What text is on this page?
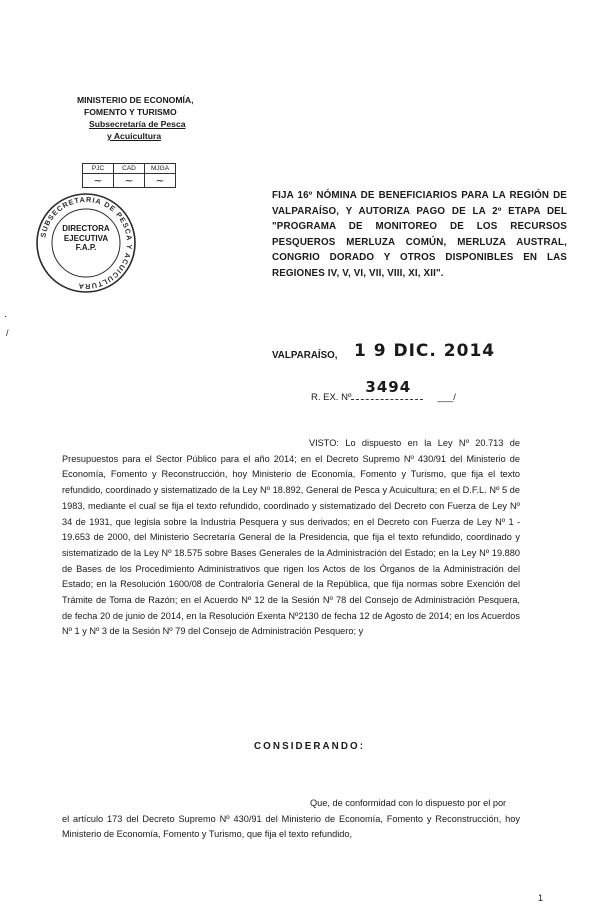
MINISTERIO DE ECONOMÍA,
FOMENTO Y TURISMO
Subsecretaría de Pesca
y Acuicultura
PJC	CAD	MJGA
~	~	~
SUBSECRETARIA DE PESCA Y ACUICULTURA
DIRECTORA
EJECUTIVA
F.A.P.
⋅
/
FIJA 16º NÓMINA DE BENEFICIARIOS PARA LA REGIÓN DE VALPARAÍSO, Y AUTORIZA PAGO DE LA 2º ETAPA DEL "PROGRAMA DE MONITOREO DE LOS RECURSOS PESQUEROS MERLUZA COMÚN, MERLUZA AUSTRAL, CONGRIO DORADO Y OTROS DISPONIBLES EN LAS REGIONES IV, V, VI, VII, VIII, XI, XII".
VALPARAÍSO, 1 9 DIC. 2014
R. EX. Nº
3494
___/

VISTO: Lo dispuesto en la Ley Nº 20.713 de Presupuestos para el Sector Público para el año 2014; en el Decreto Supremo Nº 430/91 del Ministerio de Economía, Fomento y Reconstrucción, hoy Ministerio de Economía, Fomento y Turismo, que fija el texto refundido, coordinado y sistematizado de la Ley Nº 18.892, General de Pesca y Acuicultura; en el D.F.L. Nº 5 de 1983, mediante el cual se fija el texto refundido, coordinado y sistematizado del Decreto con Fuerza de Ley Nº 34 de 1931, que legisla sobre la Industria Pesquera y sus derivados; en el Decreto con Fuerza de Ley Nº 1 - 19.653 de 2000, del Ministerio Secretaría General de la Presidencia, que fija el texto refundido, coordinado y sistematizado de la Ley Nº 18.575 sobre Bases Generales de la Administración del Estado; en la Ley Nº 19.880 de Bases de los Procedimiento Administrativos que rigen los Actos de los Órganos de la Administración del Estado; en la Resolución 1600/08 de Contraloría General de la República, que fija normas sobre Exención del Trámite de Toma de Razón; en el Acuerdo Nº 12 de la Sesión Nº 78 del Consejo de Administración Pesquera, de fecha 20 de junio de 2014, en la Resolución Exenta Nº2130 de fecha 12 de Agosto de 2014; en los Acuerdos Nº 1 y Nº 3 de la Sesión Nº 79 del Consejo de Administración Pesquero; y

CONSIDERANDO:

Que, de conformidad con lo dispuesto por el por

el artículo 173 del Decreto Supremo Nº 430/91 del Ministerio de Economía, Fomento y Reconstrucción, hoy Ministerio de Economía, Fomento y Turismo, que fija el texto refundido,

1
